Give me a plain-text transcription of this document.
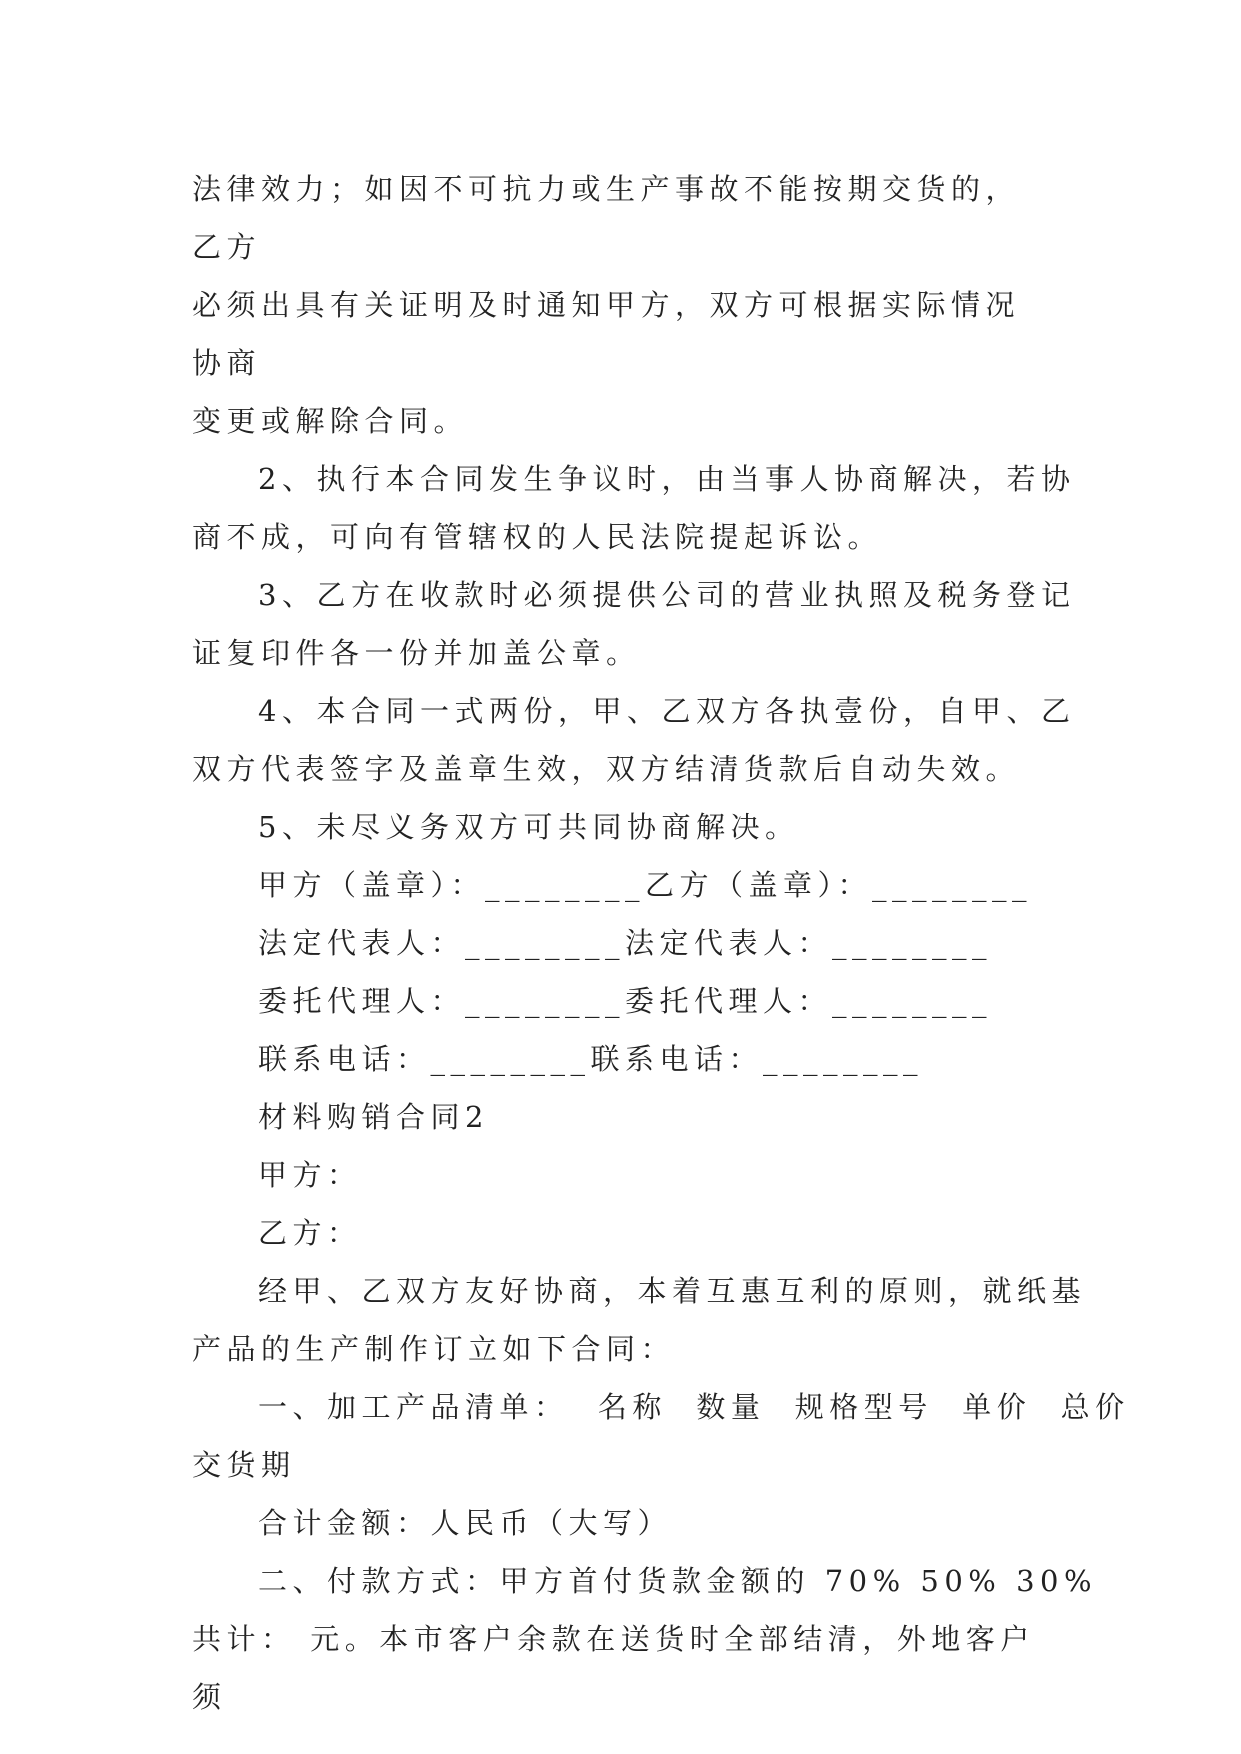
法律效力；如因不可抗力或生产事故不能按期交货的，乙方

必须出具有关证明及时通知甲方，双方可根据实际情况协商

变更或解除合同。

2、执行本合同发生争议时，由当事人协商解决，若协

商不成，可向有管辖权的人民法院提起诉讼。

3、乙方在收款时必须提供公司的营业执照及税务登记

证复印件各一份并加盖公章。

4、本合同一式两份，甲、乙双方各执壹份，自甲、乙

双方代表签字及盖章生效，双方结清货款后自动失效。

5、未尽义务双方可共同协商解决。

甲方（盖章）：________乙方（盖章）：________

法定代表人：________法定代表人：________

委托代理人：________委托代理人：________

联系电话：________联系电话：________

材料购销合同2

甲方：

乙方：

经甲、乙双方友好协商，本着互惠互利的原则，就纸基

产品的生产制作订立如下合同：

一、加工产品清单：  名称  数量  规格型号  单价  总价

交货期

合计金额：人民币（大写）

二、付款方式：甲方首付货款金额的 70% 50% 30%

共计： 元。本市客户余款在送货时全部结清，外地客户须
